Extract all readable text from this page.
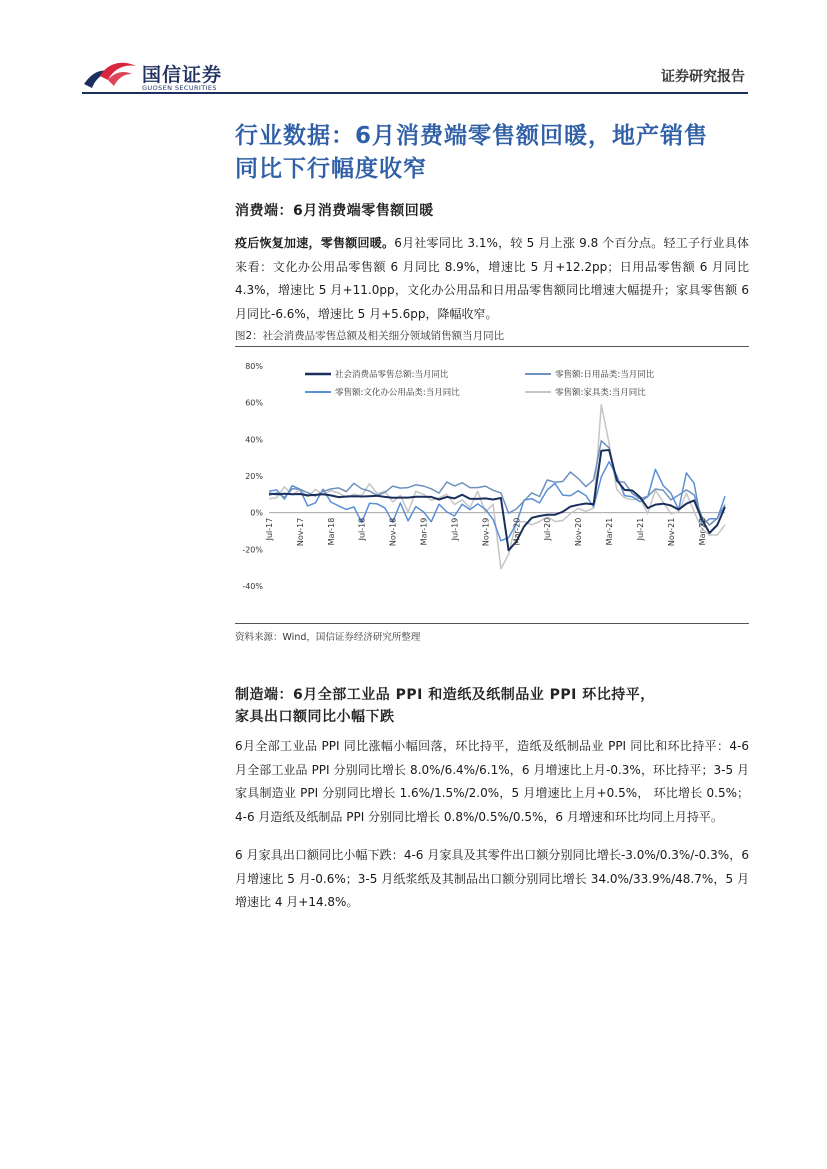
国信证券
GUOSEN SECURITIES
证券研究报告
行业数据：6月消费端零售额回暖，地产销售
同比下行幅度收窄
消费端：6月消费端零售额回暖
疫后恢复加速，零售额回暖。6月社零同比 3.1%，较 5 月上涨 9.8 个百分点。轻工子行业具体来看：文化办公用品零售额 6 月同比 8.9%，增速比 5 月+12.2pp；日用品零售额 6 月同比 4.3%，增速比 5 月+11.0pp，文化办公用品和日用品零售额同比增速大幅提升；家具零售额 6 月同比-6.6%，增速比 5 月+5.6pp，降幅收窄。
图2：社会消费品零售总额及相关细分领域销售额当月同比
80%
60%
40%
20%
0%
-20%
-40%
Jul-17	Nov-17	Mar-18	Jul-18	Nov-18	Mar-19	Jul-19	Nov-19	Mar-20	Jul-20	Nov-20	Mar-21	Jul-21	Nov-21	Mar-22
社会消费品零售总额:当月同比	零售额:日用品类:当月同比
零售额:文化办公用品类:当月同比	零售额:家具类:当月同比
资料来源：Wind，国信证券经济研究所整理
制造端：6月全部工业品 PPI 和造纸及纸制品业 PPI 环比持平，
家具出口额同比小幅下跌
6月全部工业品 PPI 同比涨幅小幅回落，环比持平，造纸及纸制品业 PPI 同比和环比持平：4-6 月全部工业品 PPI 分别同比增长 8.0%/6.4%/6.1%，6 月增速比上月-0.3%，环比持平；3-5 月家具制造业 PPI 分别同比增长 1.6%/1.5%/2.0%，5 月增速比上月+0.5%， 环比增长 0.5%；4-6 月造纸及纸制品 PPI 分别同比增长 0.8%/0.5%/0.5%，6 月增速和环比均同上月持平。
6 月家具出口额同比小幅下跌：4-6 月家具及其零件出口额分别同比增长-3.0%/0.3%/-0.3%，6 月增速比 5 月-0.6%；3-5 月纸浆纸及其制品出口额分别同比增长 34.0%/33.9%/48.7%，5 月增速比 4 月+14.8%。
